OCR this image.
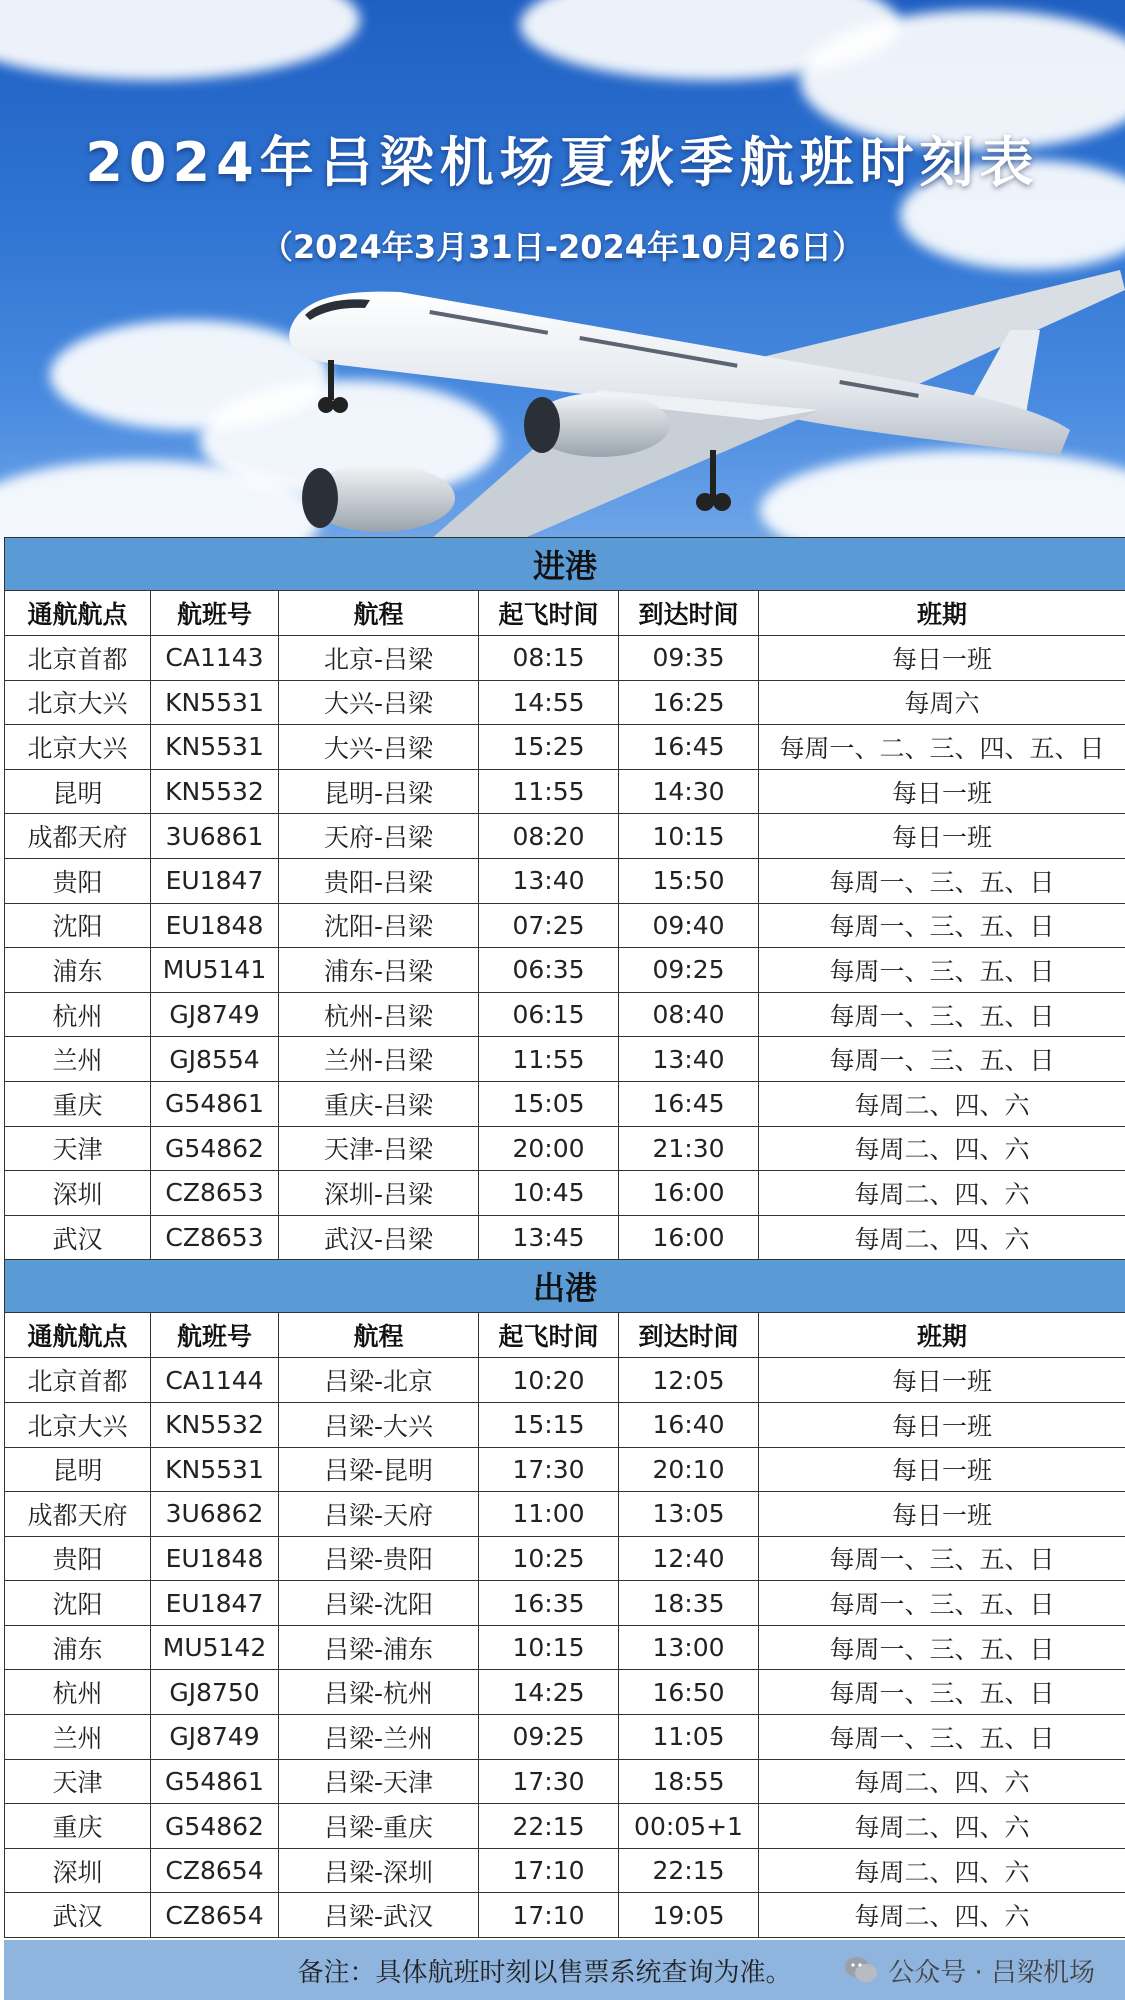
2024年吕梁机场夏秋季航班时刻表
（2024年3月31日-2024年10月26日）
进港					
通航航点	航班号	航程	起飞时间	到达时间	班期
北京首都	CA1143	北京-吕梁	08:15	09:35	每日一班
北京大兴	KN5531	大兴-吕梁	14:55	16:25	每周六
北京大兴	KN5531	大兴-吕梁	15:25	16:45	每周一、二、三、四、五、日
昆明	KN5532	昆明-吕梁	11:55	14:30	每日一班
成都天府	3U6861	天府-吕梁	08:20	10:15	每日一班
贵阳	EU1847	贵阳-吕梁	13:40	15:50	每周一、三、五、日
沈阳	EU1848	沈阳-吕梁	07:25	09:40	每周一、三、五、日
浦东	MU5141	浦东-吕梁	06:35	09:25	每周一、三、五、日
杭州	GJ8749	杭州-吕梁	06:15	08:40	每周一、三、五、日
兰州	GJ8554	兰州-吕梁	11:55	13:40	每周一、三、五、日
重庆	G54861	重庆-吕梁	15:05	16:45	每周二、四、六
天津	G54862	天津-吕梁	20:00	21:30	每周二、四、六
深圳	CZ8653	深圳-吕梁	10:45	16:00	每周二、四、六
武汉	CZ8653	武汉-吕梁	13:45	16:00	每周二、四、六
出港					
通航航点	航班号	航程	起飞时间	到达时间	班期
北京首都	CA1144	吕梁-北京	10:20	12:05	每日一班
北京大兴	KN5532	吕梁-大兴	15:15	16:40	每日一班
昆明	KN5531	吕梁-昆明	17:30	20:10	每日一班
成都天府	3U6862	吕梁-天府	11:00	13:05	每日一班
贵阳	EU1848	吕梁-贵阳	10:25	12:40	每周一、三、五、日
沈阳	EU1847	吕梁-沈阳	16:35	18:35	每周一、三、五、日
浦东	MU5142	吕梁-浦东	10:15	13:00	每周一、三、五、日
杭州	GJ8750	吕梁-杭州	14:25	16:50	每周一、三、五、日
兰州	GJ8749	吕梁-兰州	09:25	11:05	每周一、三、五、日
天津	G54861	吕梁-天津	17:30	18:55	每周二、四、六
重庆	G54862	吕梁-重庆	22:15	00:05+1	每周二、四、六
深圳	CZ8654	吕梁-深圳	17:10	22:15	每周二、四、六
武汉	CZ8654	吕梁-武汉	17:10	19:05	每周二、四、六
备注：具体航班时刻以售票系统查询为准。	公众号 · 吕梁机场
